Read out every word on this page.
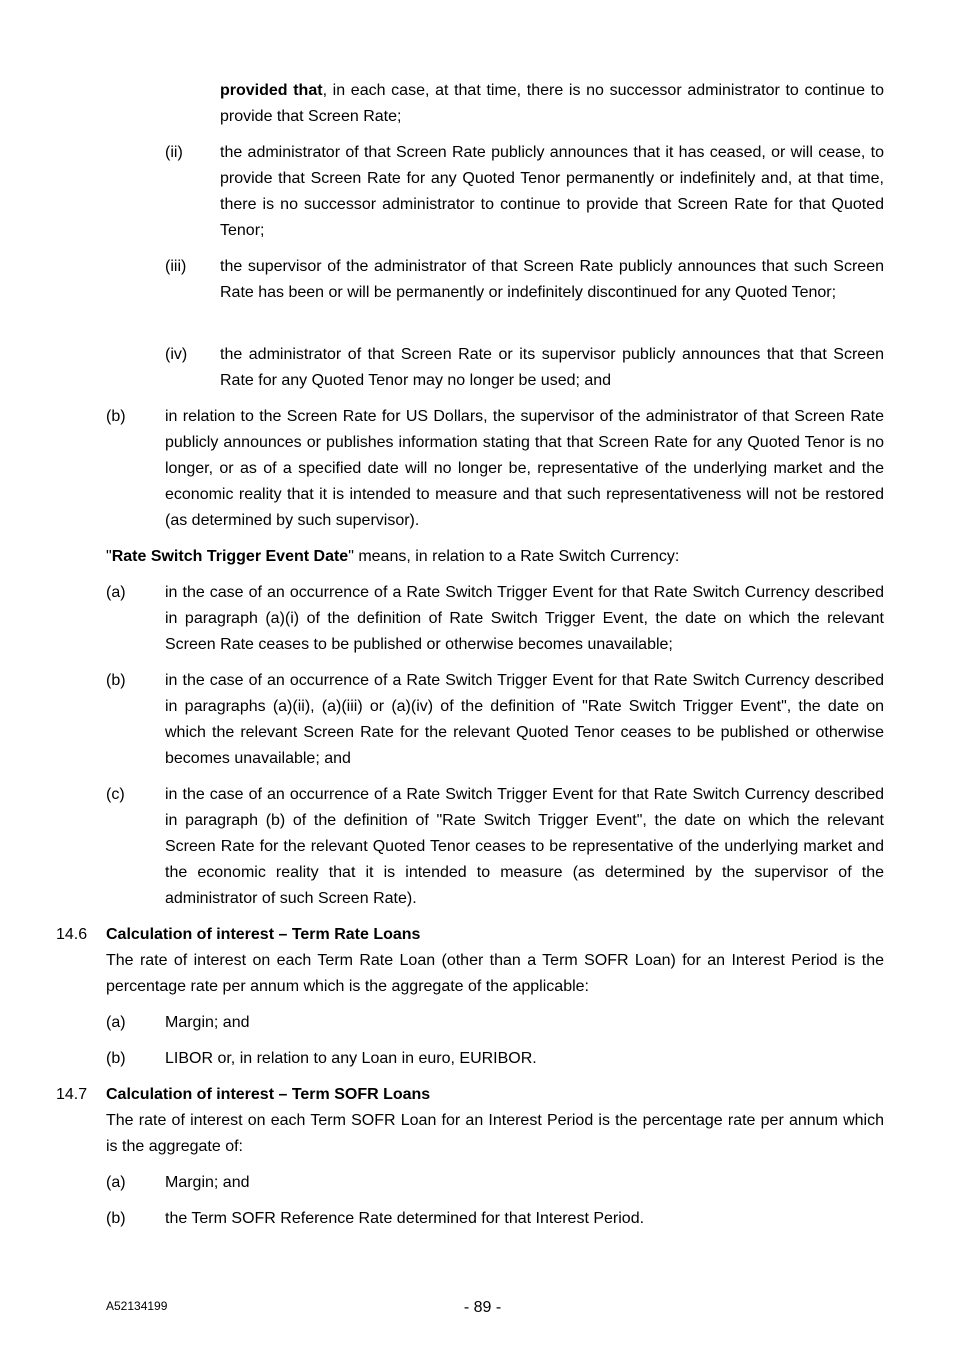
provided that, in each case, at that time, there is no successor administrator to continue to provide that Screen Rate;
(ii) the administrator of that Screen Rate publicly announces that it has ceased, or will cease, to provide that Screen Rate for any Quoted Tenor permanently or indefinitely and, at that time, there is no successor administrator to continue to provide that Screen Rate for that Quoted Tenor;
(iii) the supervisor of the administrator of that Screen Rate publicly announces that such Screen Rate has been or will be permanently or indefinitely discontinued for any Quoted Tenor;
(iv) the administrator of that Screen Rate or its supervisor publicly announces that that Screen Rate for any Quoted Tenor may no longer be used; and
(b) in relation to the Screen Rate for US Dollars, the supervisor of the administrator of that Screen Rate publicly announces or publishes information stating that that Screen Rate for any Quoted Tenor is no longer, or as of a specified date will no longer be, representative of the underlying market and the economic reality that it is intended to measure and that such representativeness will not be restored (as determined by such supervisor).
"Rate Switch Trigger Event Date" means, in relation to a Rate Switch Currency:
(a) in the case of an occurrence of a Rate Switch Trigger Event for that Rate Switch Currency described in paragraph (a)(i) of the definition of Rate Switch Trigger Event, the date on which the relevant Screen Rate ceases to be published or otherwise becomes unavailable;
(b) in the case of an occurrence of a Rate Switch Trigger Event for that Rate Switch Currency described in paragraphs (a)(ii), (a)(iii) or (a)(iv) of the definition of "Rate Switch Trigger Event", the date on which the relevant Screen Rate for the relevant Quoted Tenor ceases to be published or otherwise becomes unavailable; and
(c)	in the case of an occurrence of a Rate Switch Trigger Event for that Rate Switch Currency described in paragraph (b) of the definition of "Rate Switch Trigger Event", the date on which the relevant Screen Rate for the relevant Quoted Tenor ceases to be representative of the underlying market and the economic reality that it is intended to measure (as determined by the supervisor of the administrator of such Screen Rate).
14.6 Calculation of interest – Term Rate Loans
The rate of interest on each Term Rate Loan (other than a Term SOFR Loan) for an Interest Period is the percentage rate per annum which is the aggregate of the applicable:
(a) Margin; and
(b) LIBOR or, in relation to any Loan in euro, EURIBOR.
14.7 Calculation of interest – Term SOFR Loans
The rate of interest on each Term SOFR Loan for an Interest Period is the percentage rate per annum which is the aggregate of:
(a) Margin; and
(b) the Term SOFR Reference Rate determined for that Interest Period.
- 89 -
A52134199
